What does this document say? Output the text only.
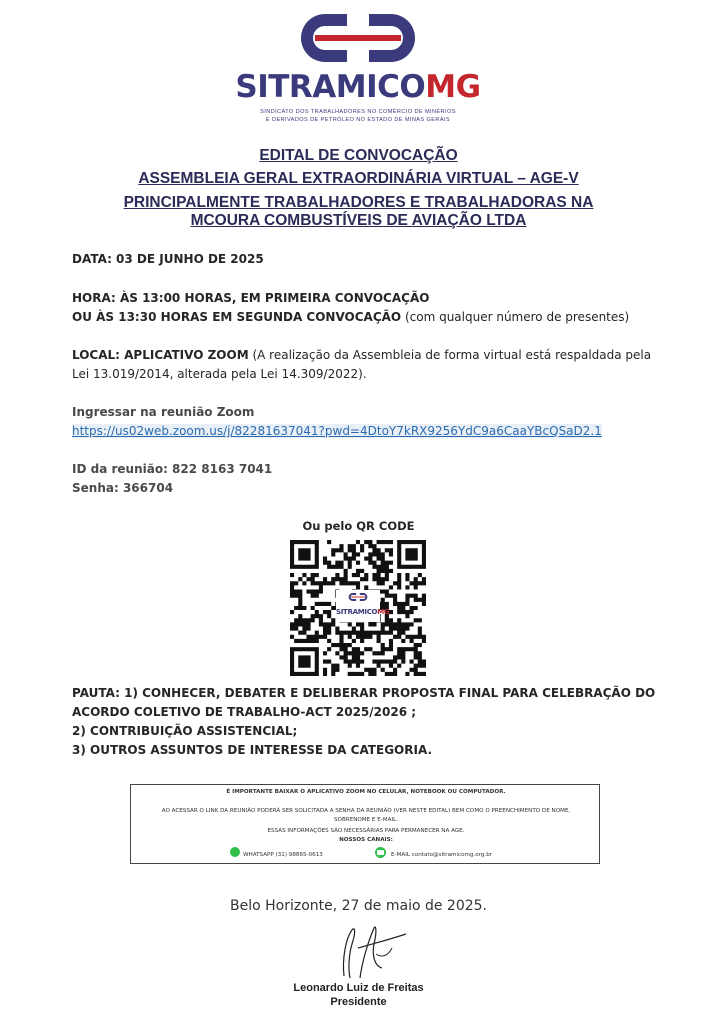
SITRAMICOMG
SINDICATO DOS TRABALHADORES NO COMÉRCIO DE MINÉRIOS
E DERIVADOS DE PETRÓLEO NO ESTADO DE MINAS GERAIS
EDITAL DE CONVOCAÇÃO
ASSEMBLEIA GERAL EXTRAORDINÁRIA VIRTUAL – AGE-V
PRINCIPALMENTE TRABALHADORES E TRABALHADORAS NA
MCOURA COMBUSTÍVEIS DE AVIAÇÃO LTDA
DATA: 03 DE JUNHO DE 2025
HORA: ÀS 13:00 HORAS, EM PRIMEIRA CONVOCAÇÃO
OU ÀS 13:30 HORAS EM SEGUNDA CONVOCAÇÃO (com qualquer número de presentes)
LOCAL: APLICATIVO ZOOM (A realização da Assembleia de forma virtual está respaldada pela
Lei 13.019/2014, alterada pela Lei 14.309/2022).
Ingressar na reunião Zoom
https://us02web.zoom.us/j/82281637041?pwd=4DtoY7kRX9256YdC9a6CaaYBcQSaD2.1
ID da reunião: 822 8163 7041
Senha: 366704
Ou pelo QR CODE
SITRAMICOMG
PAUTA: 1) CONHECER, DEBATER E DELIBERAR PROPOSTA FINAL PARA CELEBRAÇÃO DO
ACORDO COLETIVO DE TRABALHO-ACT 2025/2026 ;
2) CONTRIBUIÇÃO ASSISTENCIAL;
3) OUTROS ASSUNTOS DE INTERESSE DA CATEGORIA.
É IMPORTANTE BAIXAR O APLICATIVO ZOOM NO CELULAR, NOTEBOOK OU COMPUTADOR.
AO ACESSAR O LINK DA REUNIÃO PODERÁ SER SOLICITADA A SENHA DA REUNIÃO (VER NESTE EDITAL) BEM COMO O PREENCHIMENTO DE NOME,
SOBRENOME E E-MAIL.
ESSAS INFORMAÇÕES SÃO NECESSÁRIAS PARA PERMANECER NA AGE.
NOSSOS CANAIS:
WHATSAPP (31) 98865-0613	E-MAIL contato@sitramicomg.org.br
Belo Horizonte, 27 de maio de 2025.
Leonardo Luiz de Freitas
Presidente
